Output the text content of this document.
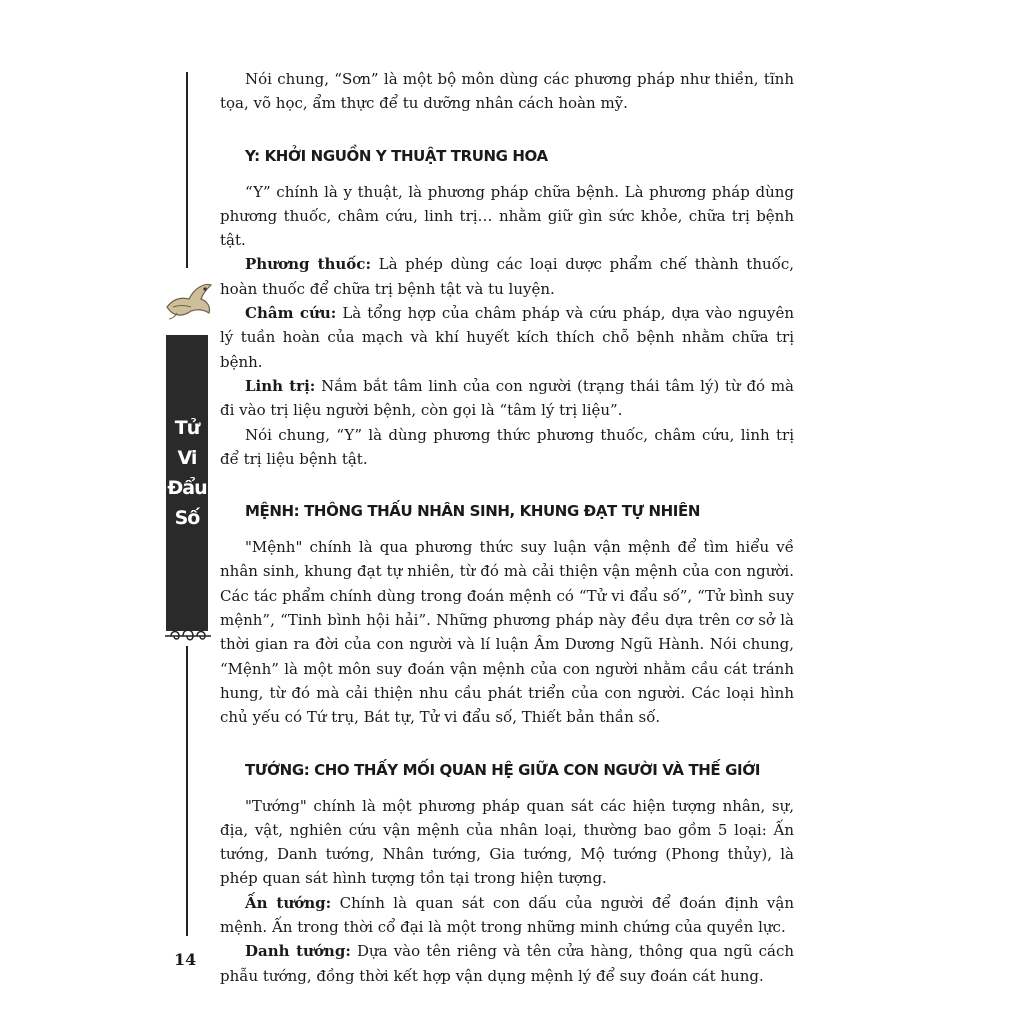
Tử
Vi
Đẩu
Số
14

Nói chung, “Sơn” là một bộ môn dùng các phương pháp như thiền, tĩnh tọa, võ học, ẩm thực để tu dưỡng nhân cách hoàn mỹ.

Y: KHỞI NGUỒN Y THUẬT TRUNG HOA

“Y” chính là y thuật, là phương pháp chữa bệnh. Là phương pháp dùng phương thuốc, châm cứu, linh trị… nhằm giữ gìn sức khỏe, chữa trị bệnh tật.

Phương thuốc: Là phép dùng các loại dược phẩm chế thành thuốc, hoàn thuốc để chữa trị bệnh tật và tu luyện.

Châm cứu: Là tổng hợp của châm pháp và cứu pháp, dựa vào nguyên lý tuần hoàn của mạch và khí huyết kích thích chỗ bệnh nhằm chữa trị bệnh.

Linh trị: Nắm bắt tâm linh của con người (trạng thái tâm lý) từ đó mà đi vào trị liệu người bệnh, còn gọi là “tâm lý trị liệu”.

Nói chung, “Y” là dùng phương thức phương thuốc, châm cứu, linh trị để trị liệu bệnh tật.

MỆNH: THÔNG THẤU NHÂN SINH, KHUNG ĐẠT TỰ NHIÊN

"Mệnh" chính là qua phương thức suy luận vận mệnh để tìm hiểu về nhân sinh, khung đạt tự nhiên, từ đó mà cải thiện vận mệnh của con người. Các tác phẩm chính dùng trong đoán mệnh có “Tử vi đẩu số”, “Tử bình suy mệnh”, “Tinh bình hội hải”. Những phương pháp này đều dựa trên cơ sở là thời gian ra đời của con người và lí luận Âm Dương Ngũ Hành. Nói chung, “Mệnh” là một môn suy đoán vận mệnh của con người nhằm cầu cát tránh hung, từ đó mà cải thiện nhu cầu phát triển của con người. Các loại hình chủ yếu có Tứ trụ, Bát tự, Tử vi đẩu số, Thiết bản thần số.

TƯỚNG: CHO THẤY MỐI QUAN HỆ GIỮA CON NGƯỜI VÀ THẾ GIỚI

"Tướng" chính là một phương pháp quan sát các hiện tượng nhân, sự, địa, vật, nghiên cứu vận mệnh của nhân loại, thường bao gồm 5 loại: Ấn tướng, Danh tướng, Nhân tướng, Gia tướng, Mộ tướng (Phong thủy), là phép quan sát hình tượng tồn tại trong hiện tượng.

Ấn tướng: Chính là quan sát con dấu của người để đoán định vận mệnh. Ấn trong thời cổ đại là một trong những minh chứng của quyền lực.

Danh tướng: Dựa vào tên riêng và tên cửa hàng, thông qua ngũ cách phẫu tướng, đồng thời kết hợp vận dụng mệnh lý để suy đoán cát hung.
